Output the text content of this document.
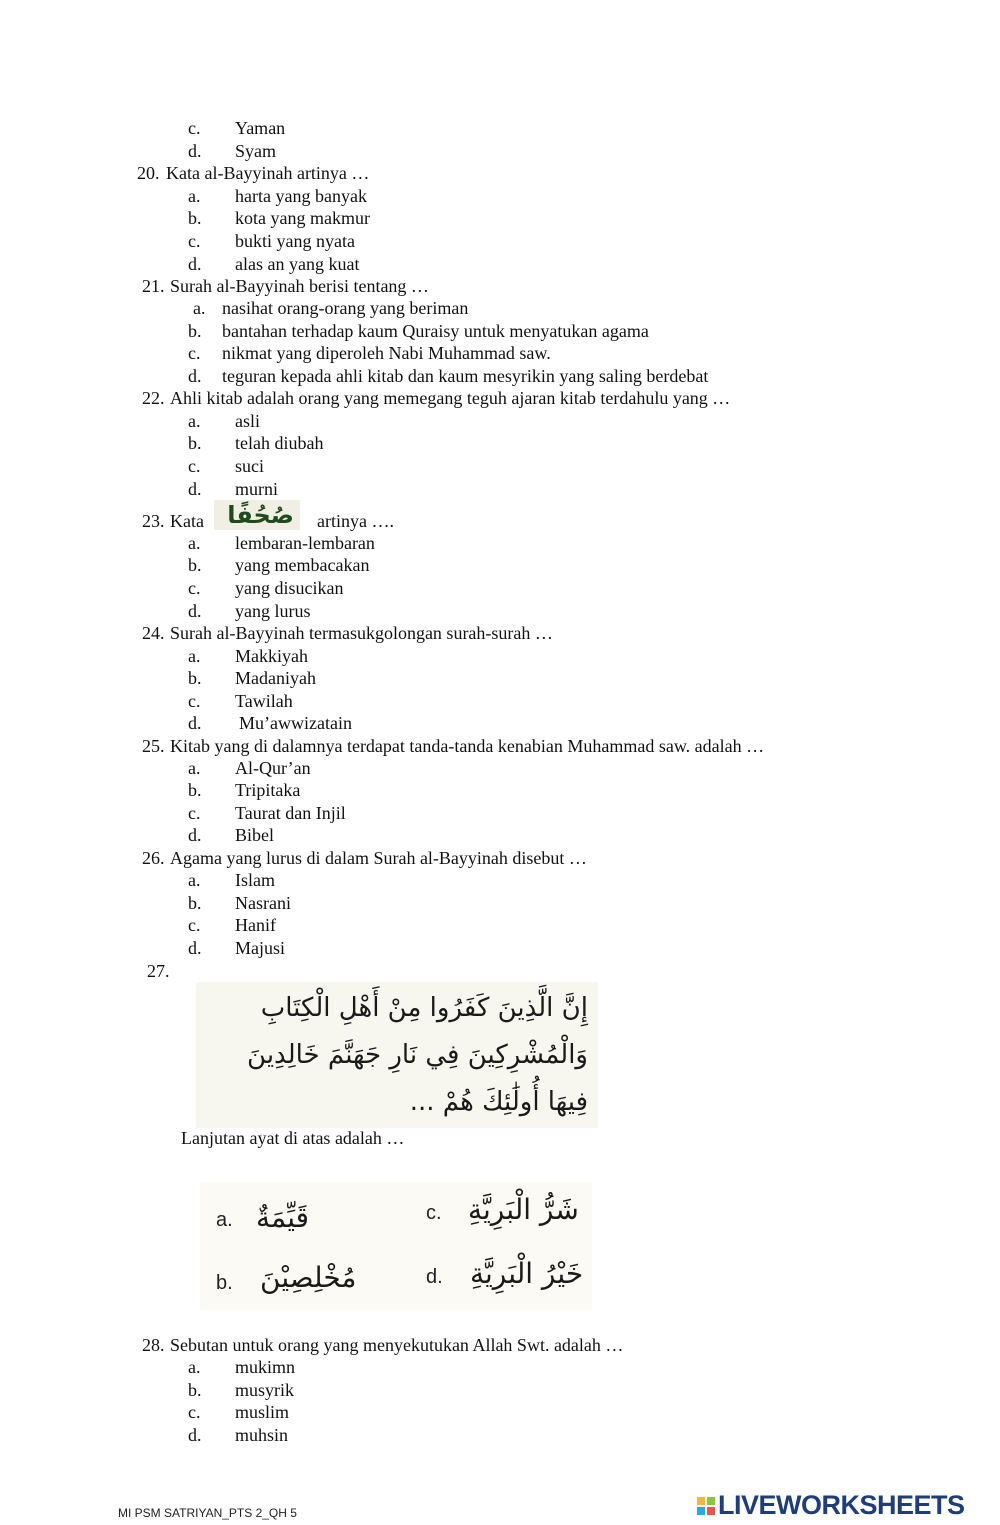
c. Yaman
d. Syam
20. Kata al-Bayyinah artinya …
a. harta yang banyak
b. kota yang makmur
c. bukti yang nyata
d. alas an yang kuat
21. Surah al-Bayyinah berisi tentang …
a. nasihat orang-orang yang beriman
b. bantahan terhadap kaum Quraisy untuk menyatukan agama
c. nikmat yang diperoleh Nabi Muhammad saw.
d. teguran kepada ahli kitab dan kaum mesyrikin yang saling berdebat
22. Ahli kitab adalah orang yang memegang teguh ajaran kitab terdahulu yang …
a. asli
b. telah diubah
c. suci
d. murni
23. Kata صُحُفًا artinya ….
a. lembaran-lembaran
b. yang membacakan
c. yang disucikan
d. yang lurus
24. Surah al-Bayyinah termasukgolongan surah-surah …
a. Makkiyah
b. Madaniyah
c. Tawilah
d. Mu’awwizatain
25. Kitab yang di dalamnya terdapat tanda-tanda kenabian Muhammad saw. adalah …
a. Al-Qur’an
b. Tripitaka
c. Taurat dan Injil
d. Bibel
26. Agama yang lurus di dalam Surah al-Bayyinah disebut …
a. Islam
b. Nasrani
c. Hanif
d. Majusi
27.
إِنَّ الَّذِينَ كَفَرُوا مِنْ أَهْلِ الْكِتَابِ
وَالْمُشْرِكِينَ فِي نَارِ جَهَنَّمَ خَالِدِينَ
فِيهَا أُولَٰئِكَ هُمْ ...
Lanjutan ayat di atas adalah …
a. قَيِّمَةٌ	c. شَرُّ الْبَرِيَّةِ
b. مُخْلِصِيْنَ	d. خَيْرُ الْبَرِيَّةِ
28. Sebutan untuk orang yang menyekutukan Allah Swt. adalah …
a. mukimn
b. musyrik
c. muslim
d. muhsin
MI PSM SATRIYAN_PTS 2_QH 5	LIVEWORKSHEETS
